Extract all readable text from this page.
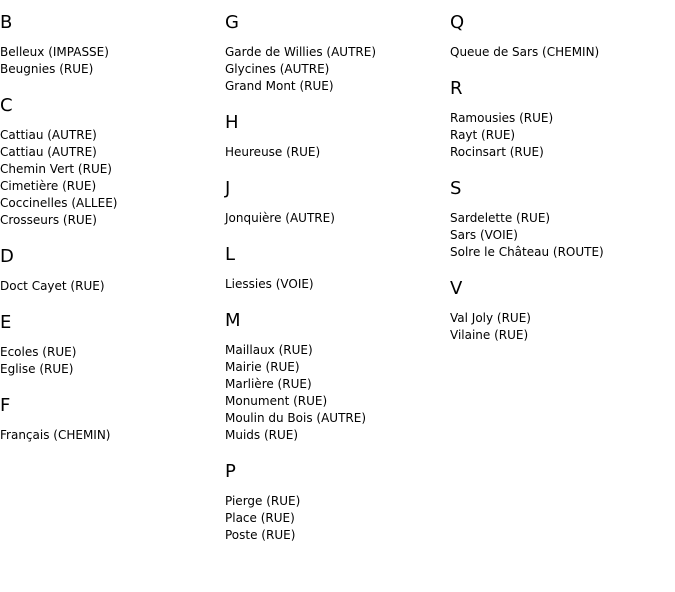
B
Belleux (IMPASSE)
Beugnies (RUE)
C
Cattiau (AUTRE)
Cattiau (AUTRE)
Chemin Vert (RUE)
Cimetière (RUE)
Coccinelles (ALLEE)
Crosseurs (RUE)
D
Doct Cayet (RUE)
E
Ecoles (RUE)
Eglise (RUE)
F
Français (CHEMIN)
G
Garde de Willies (AUTRE)
Glycines (AUTRE)
Grand Mont (RUE)
H
Heureuse (RUE)
J
Jonquière (AUTRE)
L
Liessies (VOIE)
M
Maillaux (RUE)
Mairie (RUE)
Marlière (RUE)
Monument (RUE)
Moulin du Bois (AUTRE)
Muids (RUE)
P
Pierge (RUE)
Place (RUE)
Poste (RUE)
Q
Queue de Sars (CHEMIN)
R
Ramousies (RUE)
Rayt (RUE)
Rocinsart (RUE)
S
Sardelette (RUE)
Sars (VOIE)
Solre le Château (ROUTE)
V
Val Joly (RUE)
Vilaine (RUE)
